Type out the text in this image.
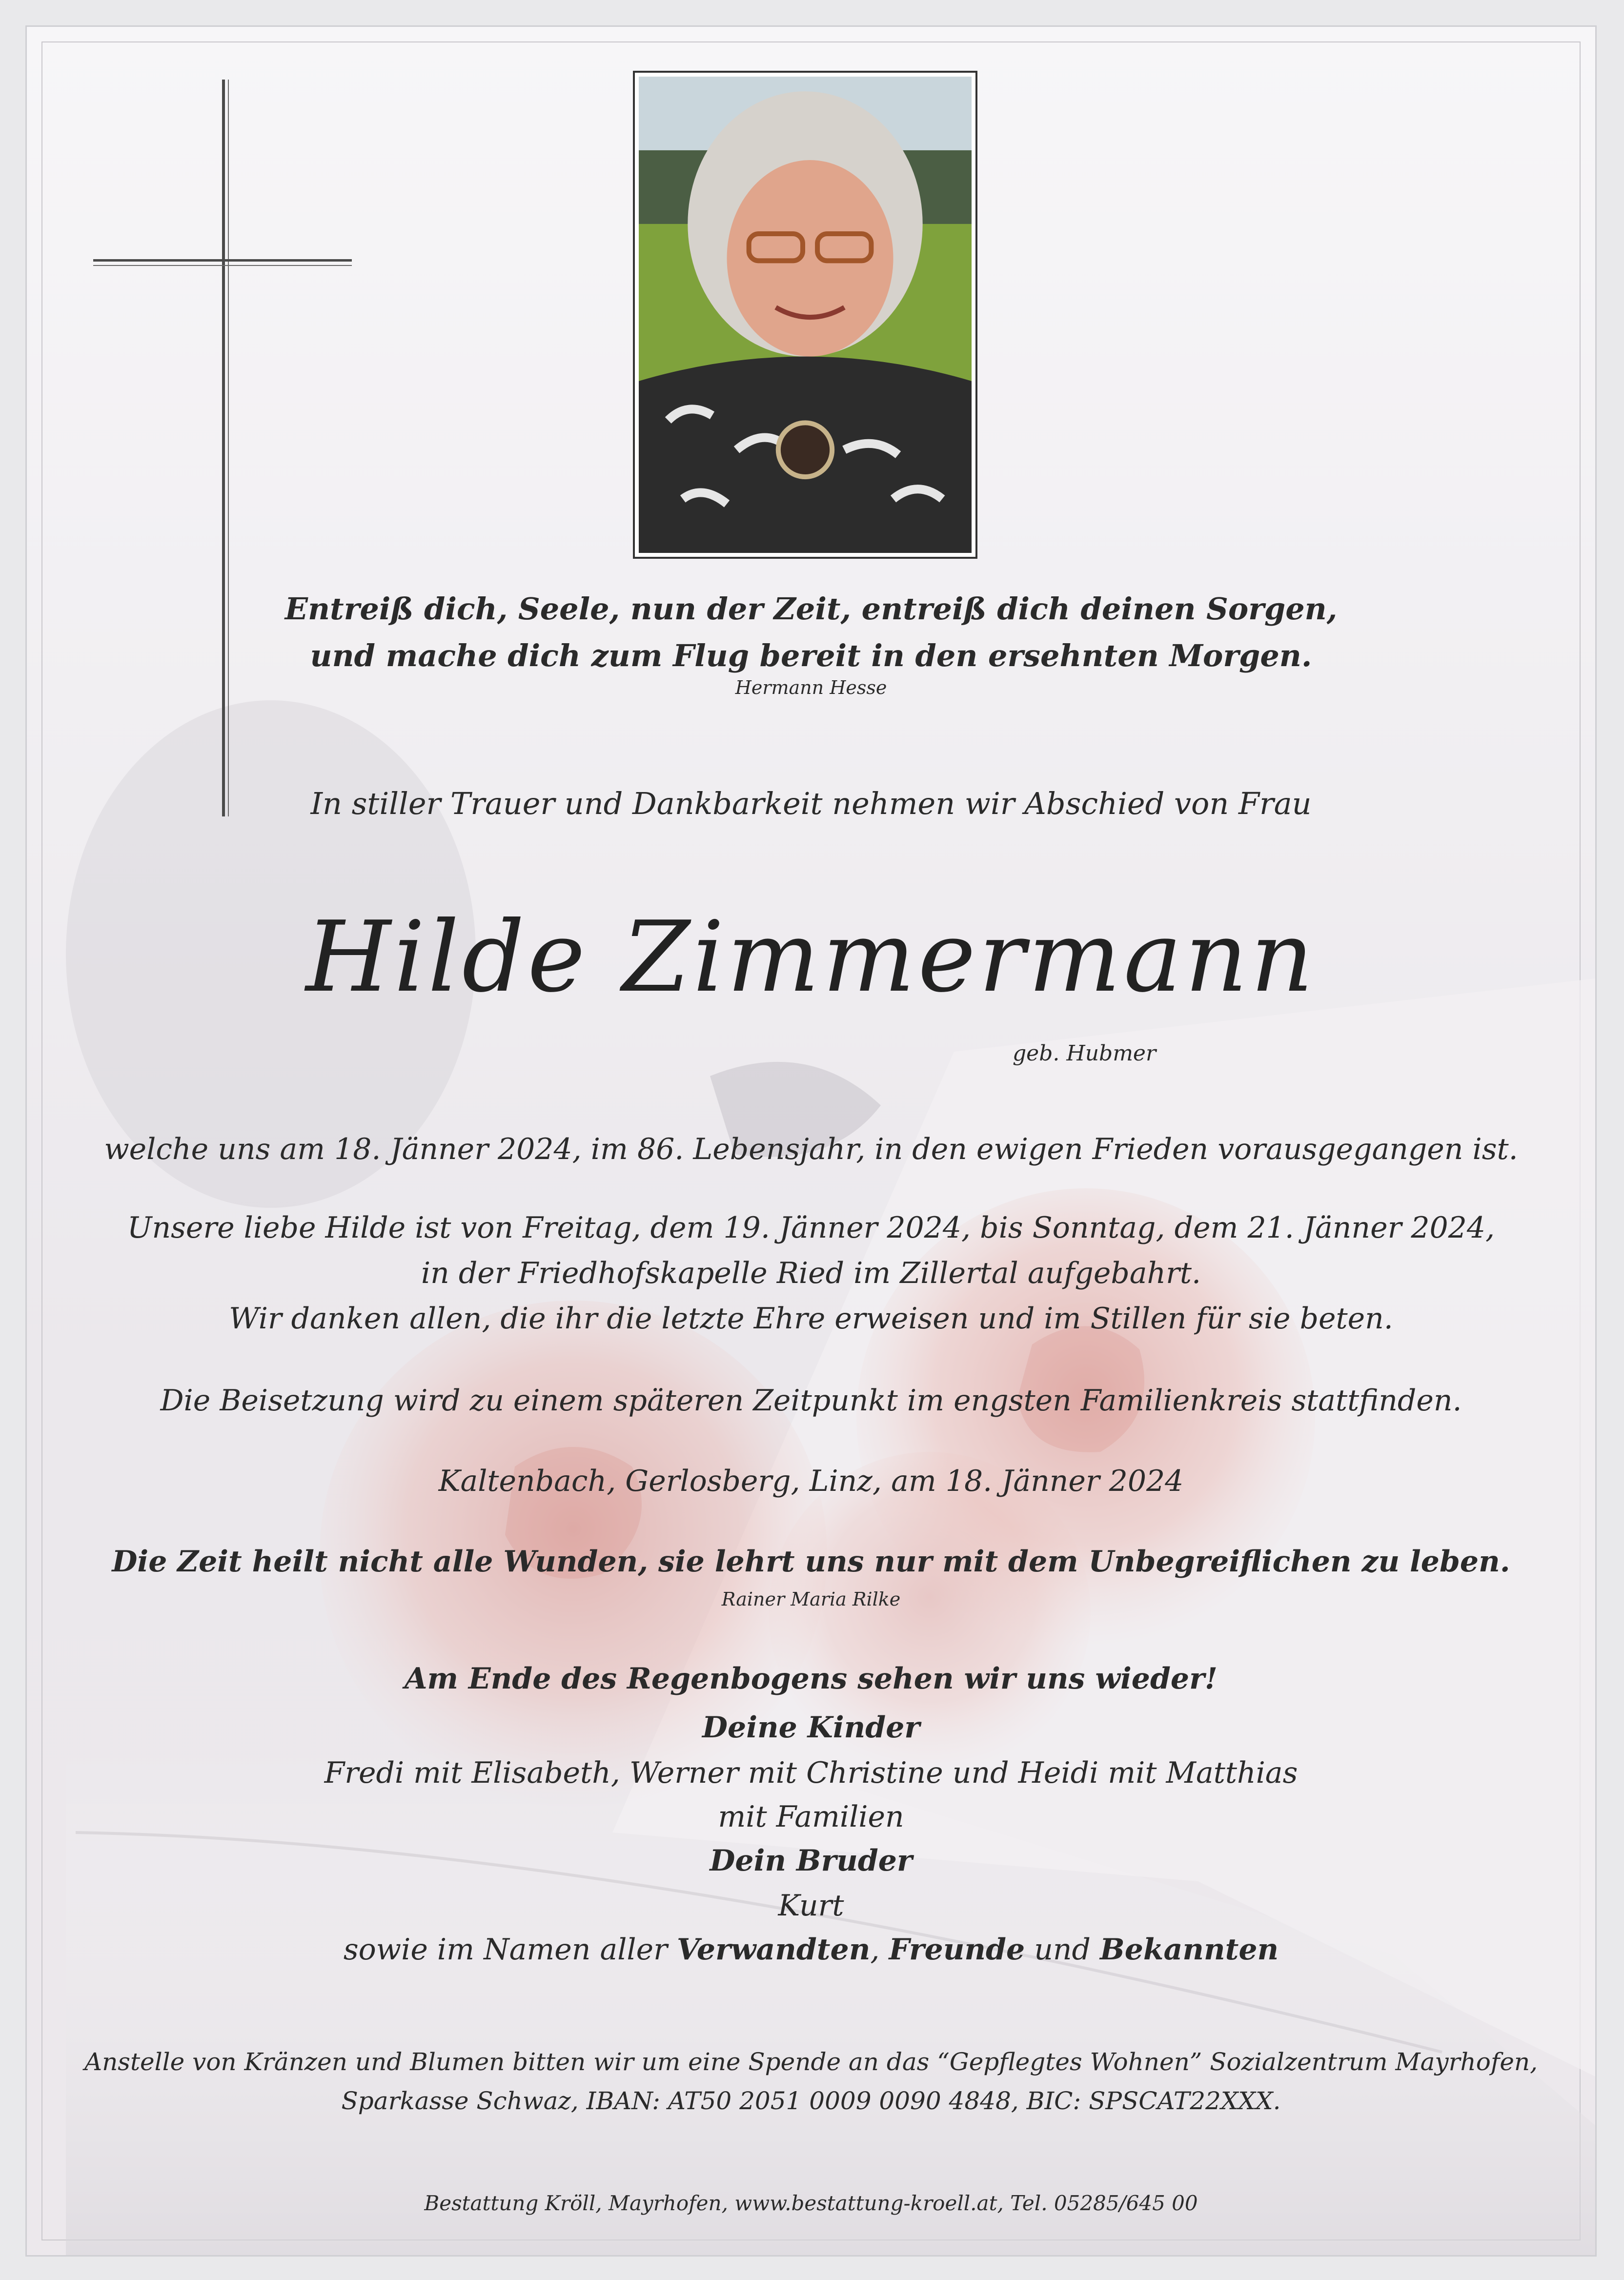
Entreiß dich, Seele, nun der Zeit, entreiß dich deinen Sorgen,
und mache dich zum Flug bereit in den ersehnten Morgen.
Hermann Hesse
In stiller Trauer und Dankbarkeit nehmen wir Abschied von Frau
Hilde Zimmermann
geb. Hubmer
welche uns am 18. Jänner 2024, im 86. Lebensjahr, in den ewigen Frieden vorausgegangen ist.
Unsere liebe Hilde ist von Freitag, dem 19. Jänner 2024, bis Sonntag, dem 21. Jänner 2024,
in der Friedhofskapelle Ried im Zillertal aufgebahrt.
Wir danken allen, die ihr die letzte Ehre erweisen und im Stillen für sie beten.
Die Beisetzung wird zu einem späteren Zeitpunkt im engsten Familienkreis stattfinden.
Kaltenbach, Gerlosberg, Linz, am 18. Jänner 2024
Die Zeit heilt nicht alle Wunden, sie lehrt uns nur mit dem Unbegreiflichen zu leben.
Rainer Maria Rilke
Am Ende des Regenbogens sehen wir uns wieder!
Deine Kinder
Fredi mit Elisabeth, Werner mit Christine und Heidi mit Matthias
mit Familien
Dein Bruder
Kurt
sowie im Namen aller Verwandten, Freunde und Bekannten
Anstelle von Kränzen und Blumen bitten wir um eine Spende an das “Gepflegtes Wohnen” Sozialzentrum Mayrhofen,
Sparkasse Schwaz, IBAN: AT50 2051 0009 0090 4848, BIC: SPSCAT22XXX.
Bestattung Kröll, Mayrhofen, www.bestattung-kroell.at, Tel. 05285/645 00
